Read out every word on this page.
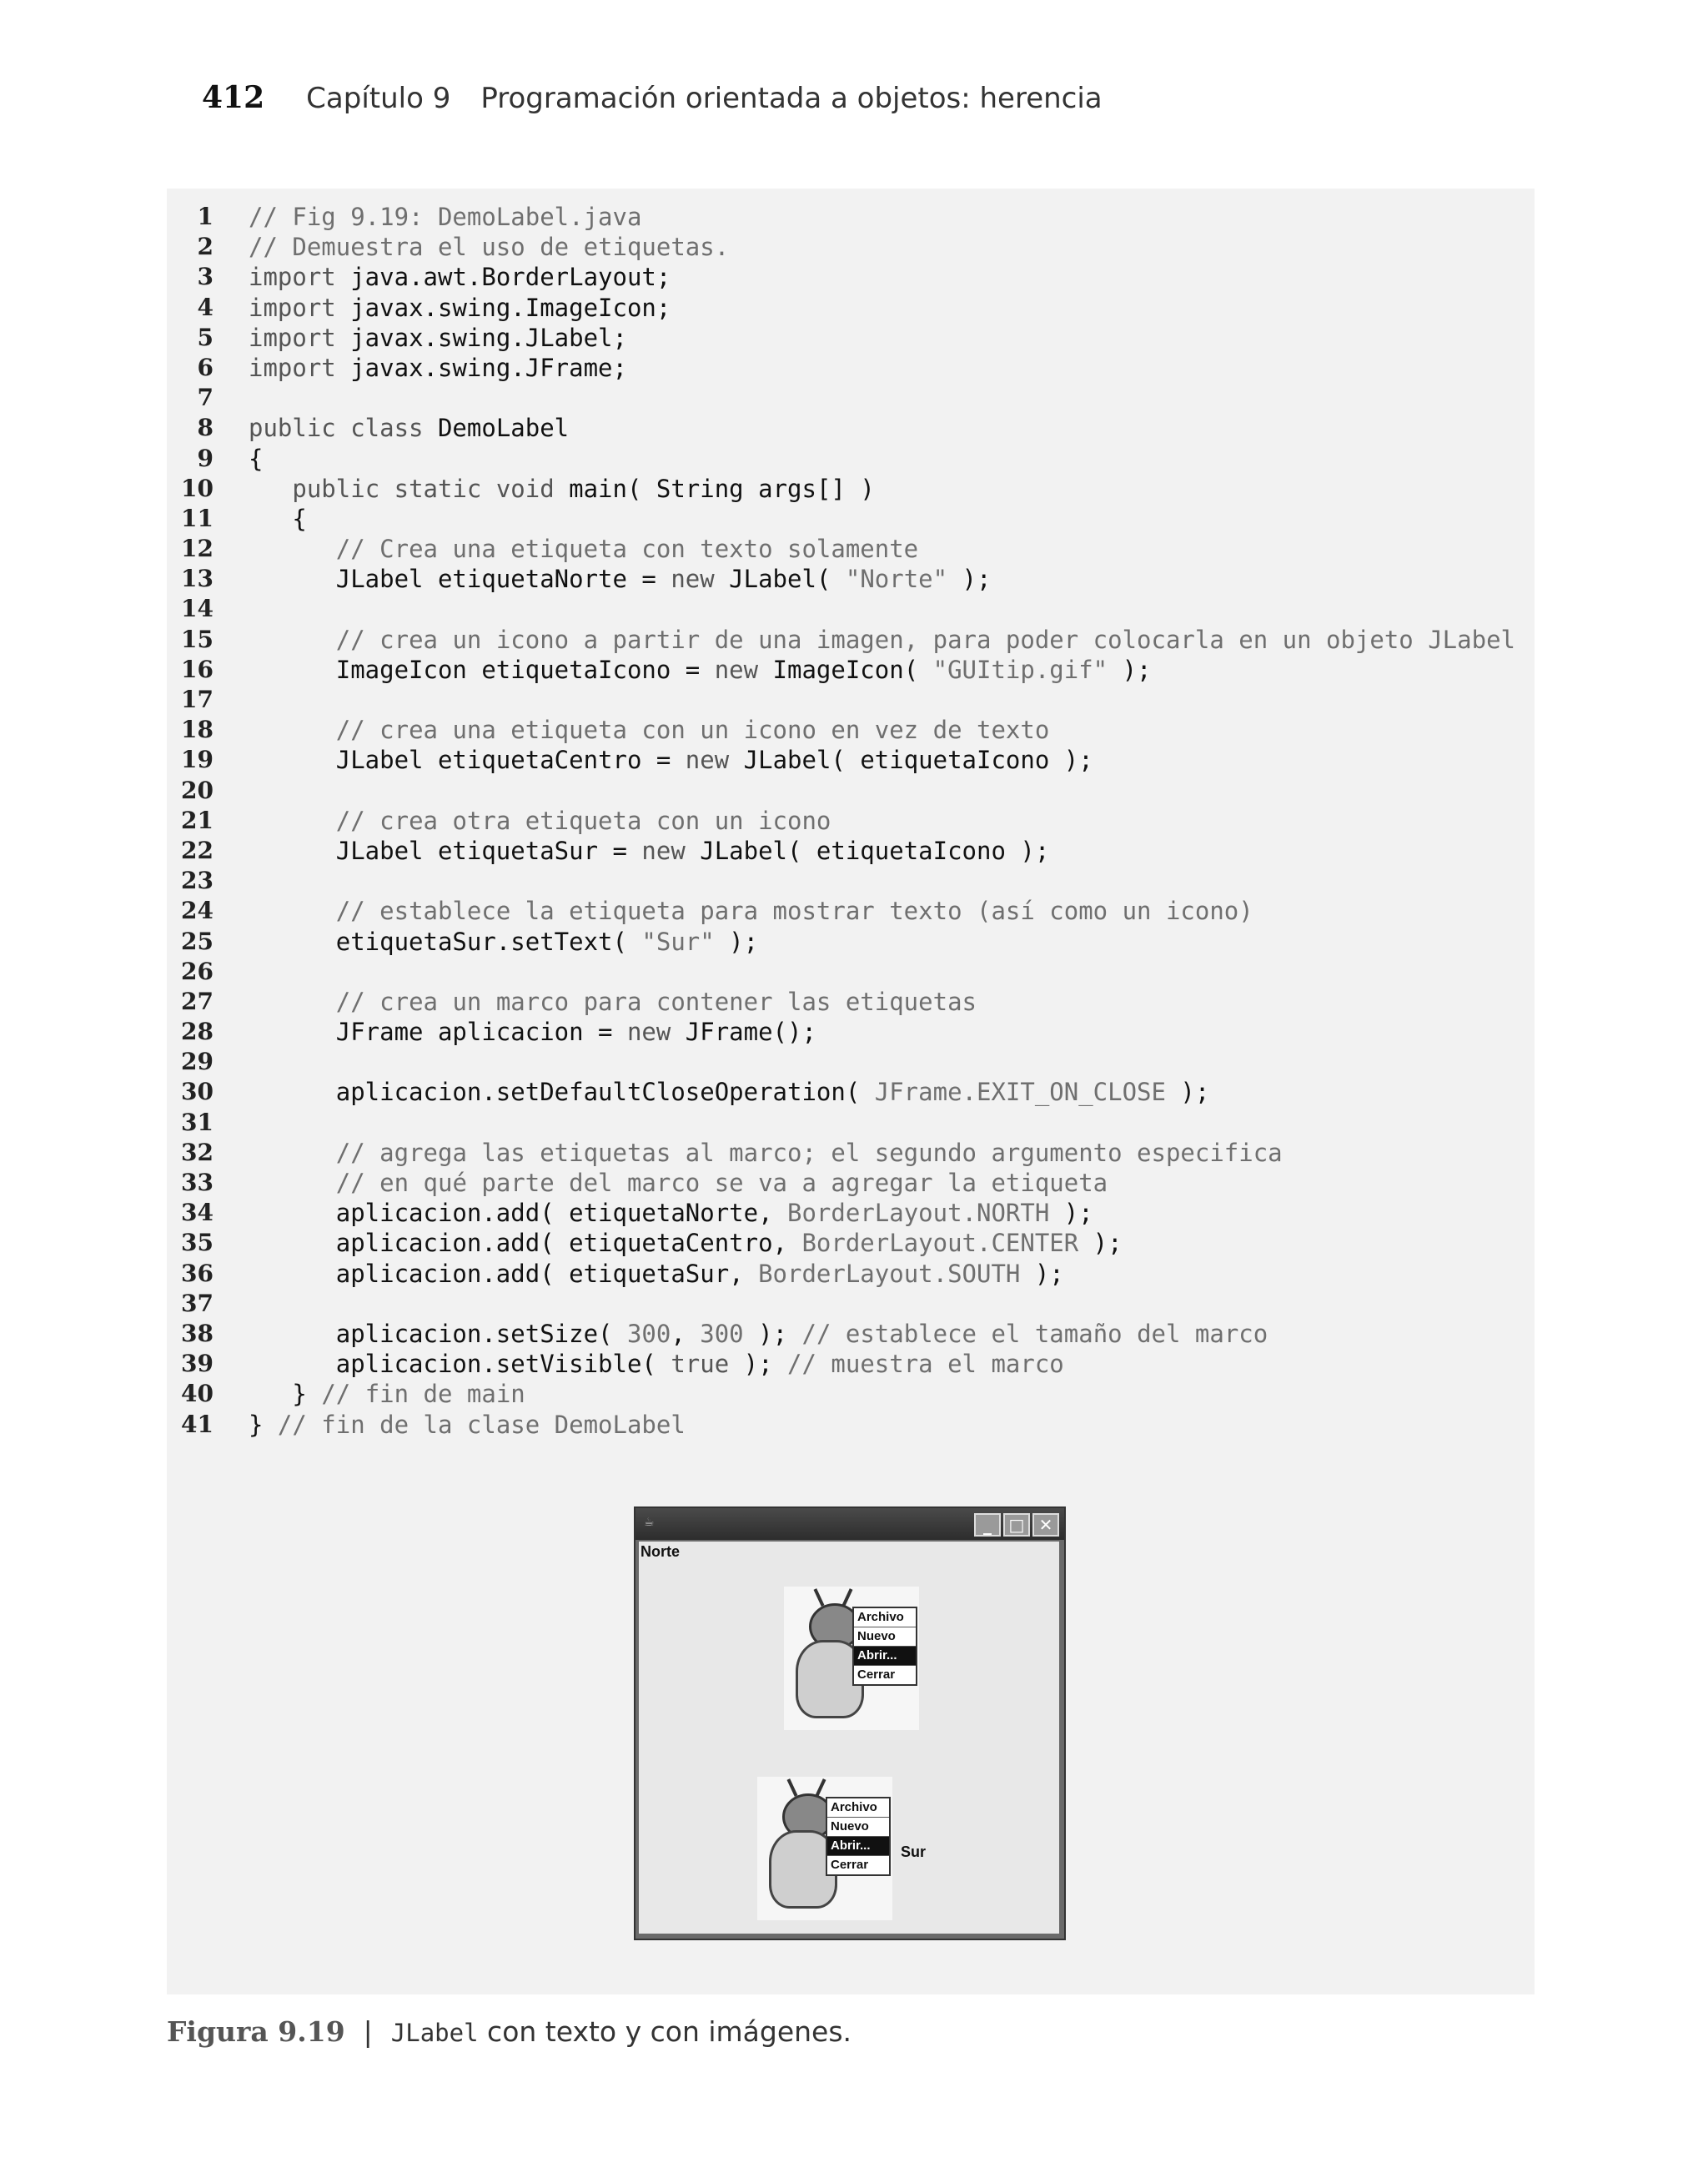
412 Capítulo 9 Programación orientada a objetos: herencia
1 // Fig 9.19: DemoLabel.java
2 // Demuestra el uso de etiquetas.
3 import java.awt.BorderLayout;
4 import javax.swing.ImageIcon;
5 import javax.swing.JLabel;
6 import javax.swing.JFrame;
7
8 public class DemoLabel
9 {
10	public static void main( String args[] )
11 {
12	// Crea una etiqueta con texto solamente
13 JLabel etiquetaNorte = new JLabel( "Norte" );
14
15	// crea un icono a partir de una imagen, para poder colocarla en un objeto JLabel
16 ImageIcon etiquetaIcono = new ImageIcon( "GUItip.gif" );
17
18	// crea una etiqueta con un icono en vez de texto
19 JLabel etiquetaCentro = new JLabel( etiquetaIcono );
20
21	// crea otra etiqueta con un icono
22 JLabel etiquetaSur = new JLabel( etiquetaIcono );
23
24	// establece la etiqueta para mostrar texto (así como un icono)
25 etiquetaSur.setText( "Sur" );
26
27	// crea un marco para contener las etiquetas
28 JFrame aplicacion = new JFrame();
29
30 aplicacion.setDefaultCloseOperation( JFrame.EXIT_ON_CLOSE );
31
32	// agrega las etiquetas al marco; el segundo argumento especifica
33	// en qué parte del marco se va a agregar la etiqueta
34 aplicacion.add( etiquetaNorte, BorderLayout.NORTH );
35 aplicacion.add( etiquetaCentro, BorderLayout.CENTER );
36 aplicacion.add( etiquetaSur, BorderLayout.SOUTH );
37
38 aplicacion.setSize( 300, 300 ); // establece el tamaño del marco
39 aplicacion.setVisible( true ); // muestra el marco
40 } // fin de main
41 } // fin de la clase DemoLabel
☕	_	□ ✕
Norte
Archivo
Nuevo
Abrir...
Cerrar
Archivo
Nuevo
Abrir...
Cerrar
Sur
Figura 9.19 | JLabel con texto y con imágenes.
